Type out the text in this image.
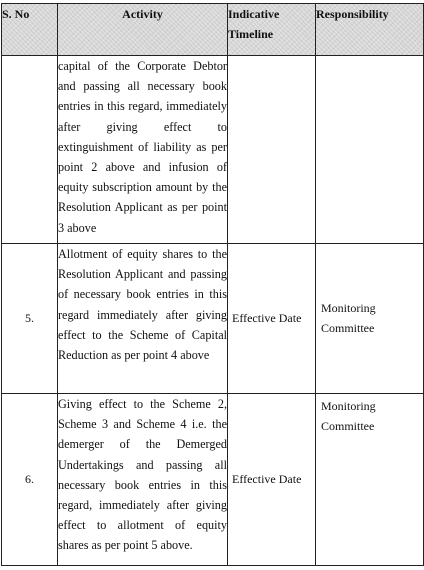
S. No	Activity	Indicative Timeline	Responsibility
	capital of the Corporate Debtor and passing all necessary book entries in this regard, immediately after giving effect to extinguishment of liability as per point 2 above and infusion of equity subscription amount by the Resolution Applicant as per point 3 above		
5.	Allotment of equity shares to the Resolution Applicant and passing of necessary book entries in this regard immediately after giving effect to the Scheme of Capital Reduction as per point 4 above	Effective Date	Monitoring Committee

6.	Giving effect to the Scheme 2, Scheme 3 and Scheme 4 i.e. the demerger of the Demerged Undertakings and passing all necessary book entries in this regard, immediately after giving effect to allotment of equity shares as per point 5 above.	Effective Date	Monitoring Committee
